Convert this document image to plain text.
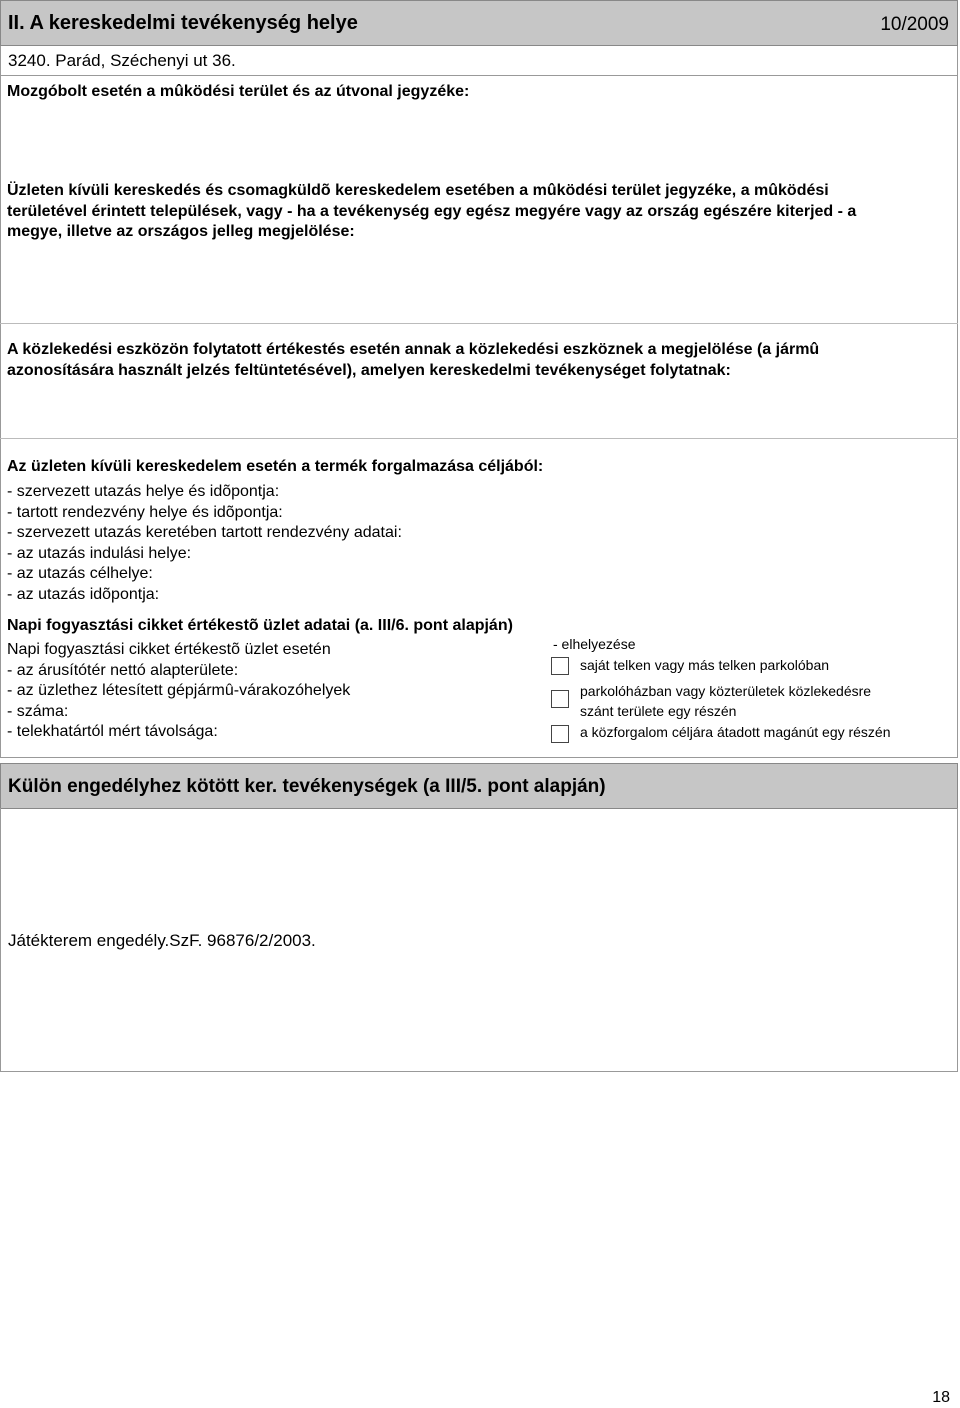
II. A kereskedelmi tevékenység helye	10/2009
3240. Parád, Széchenyi ut 36.
Mozgóbolt esetén a mûködési terület és az útvonal jegyzéke:
Üzleten kívüli kereskedés és csomagküldõ kereskedelem esetében a mûködési terület jegyzéke, a mûködési
területével érintett települések, vagy - ha a tevékenység egy egész megyére vagy az ország egészére kiterjed - a
megye, illetve az országos jelleg megjelölése:
A közlekedési eszközön folytatott értékestés esetén annak a közlekedési eszköznek a megjelölése (a jármû
azonosítására használt jelzés feltüntetésével), amelyen kereskedelmi tevékenységet folytatnak:
Az üzleten kívüli kereskedelem esetén a termék forgalmazása céljából:
- szervezett utazás helye és idõpontja:
- tartott rendezvény helye és idõpontja:
- szervezett utazás keretében tartott rendezvény adatai:
- az utazás indulási helye:
- az utazás célhelye:
- az utazás idõpontja:
Napi fogyasztási cikket értékestõ üzlet adatai (a. III/6. pont alapján)
Napi fogyasztási cikket értékestõ üzlet esetén
- az árusítótér nettó alapterülete:
- az üzlethez létesített gépjármû-várakozóhelyek
- száma:
- telekhatártól mért távolsága:
- elhelyezése
saját telken vagy más telken parkolóban
parkolóházban vagy közterületek közlekedésre
szánt területe egy részén
a közforgalom céljára átadott magánút egy részén
Külön engedélyhez kötött ker. tevékenységek (a III/5. pont alapján)
Játékterem engedély.SzF. 96876/2/2003.
18
